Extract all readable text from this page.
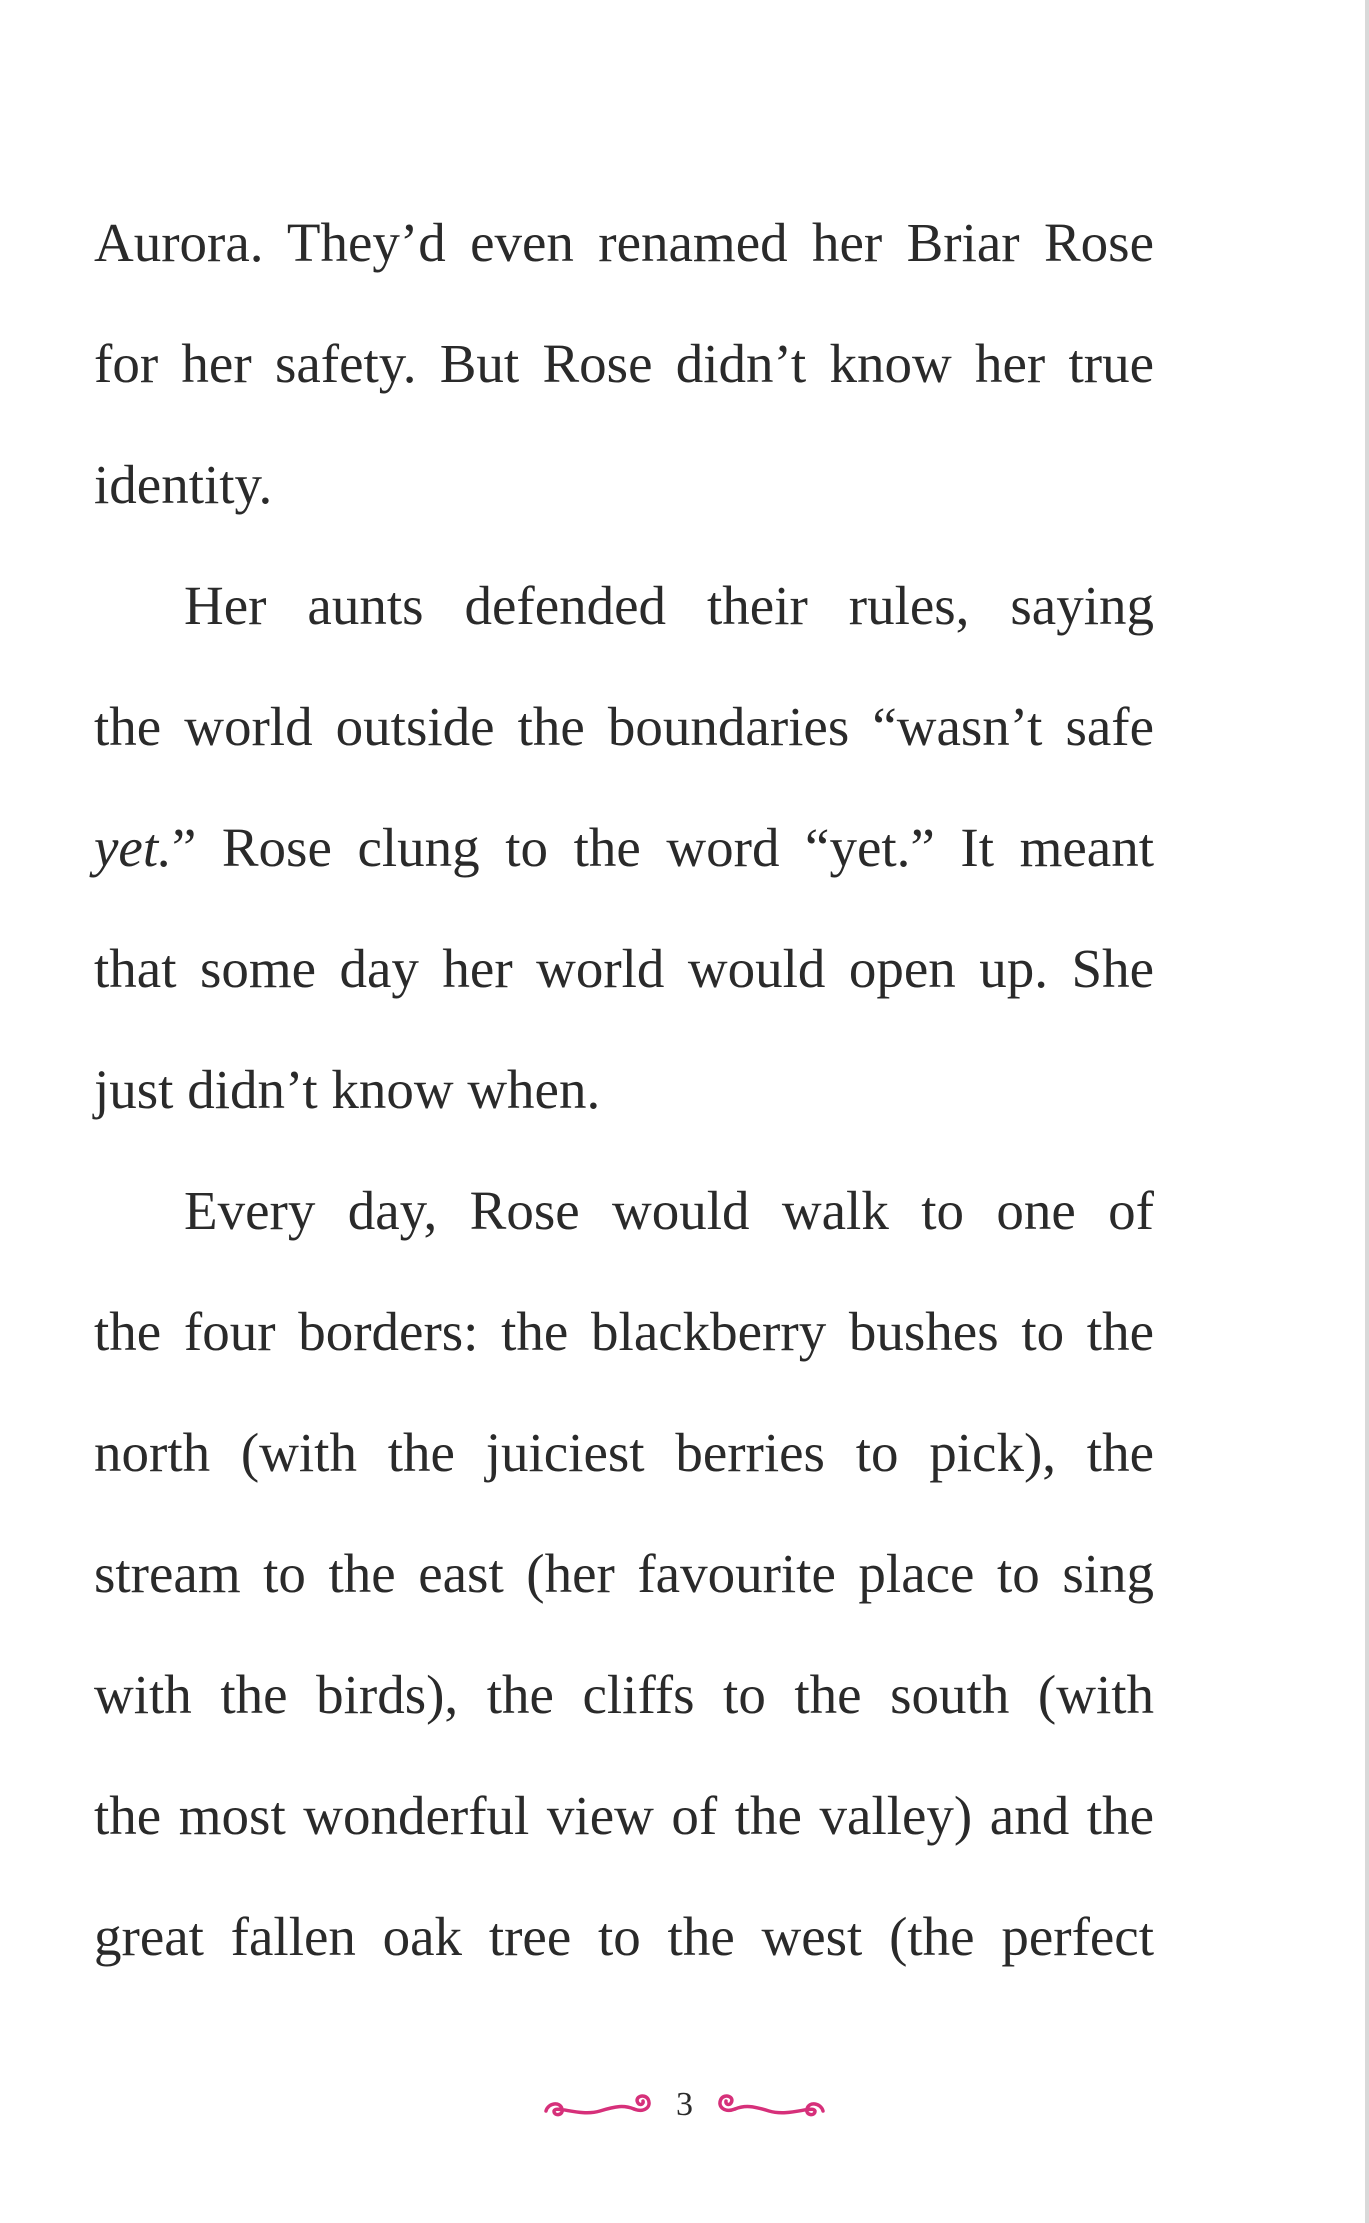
Aurora. They’d even renamed her Briar Rose
for her safety. But Rose didn’t know her true
identity.
Her aunts defended their rules, saying
the world outside the boundaries “wasn’t safe
yet.” Rose clung to the word “yet.” It meant
that some day her world would open up. She
just didn’t know when.
Every day, Rose would walk to one of
the four borders: the blackberry bushes to the
north (with the juiciest berries to pick), the
stream to the east (her favourite place to sing
with the birds), the cliffs to the south (with
the most wonderful view of the valley) and the
great fallen oak tree to the west (the perfect
3
